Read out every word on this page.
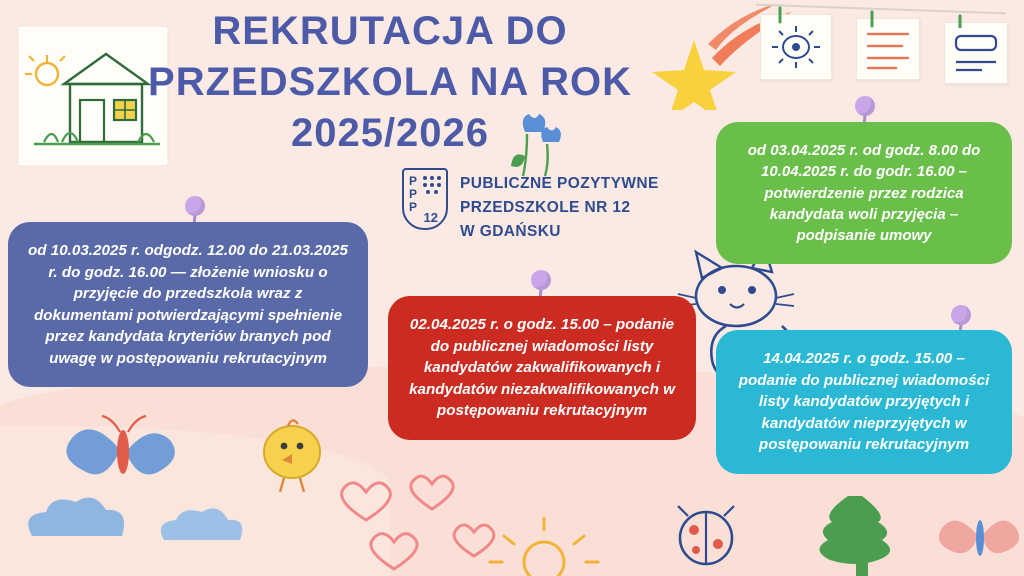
REKRUTACJA DO
PRZEDSZKOLA NA ROK
2025/2026
P
P
P
12
PUBLICZNE POZYTYWNE
PRZEDSZKOLE NR 12
W GDAŃSKU
od 10.03.2025 r. odgodz. 12.00 do 21.03.2025 r. do godz. 16.00 — złożenie wniosku o przyjęcie do przedszkola wraz z dokumentami potwierdzającymi spełnienie przez kandydata kryteriów branych pod uwagę w postępowaniu rekrutacyjnym
od 03.04.2025 r. od godz. 8.00 do 10.04.2025 r. do godr. 16.00 – potwierdzenie przez rodzica kandydata woli przyjęcia – podpisanie umowy
02.04.2025 r. o godz. 15.00 – podanie do publicznej wiadomości listy kandydatów zakwalifikowanych i kandydatów niezakwalifikowanych w postępowaniu rekrutacyjnym
14.04.2025 r. o godz. 15.00 – podanie do publicznej wiadomości listy kandydatów przyjętych i kandydatów nieprzyjętych w postępowaniu rekrutacyjnym
